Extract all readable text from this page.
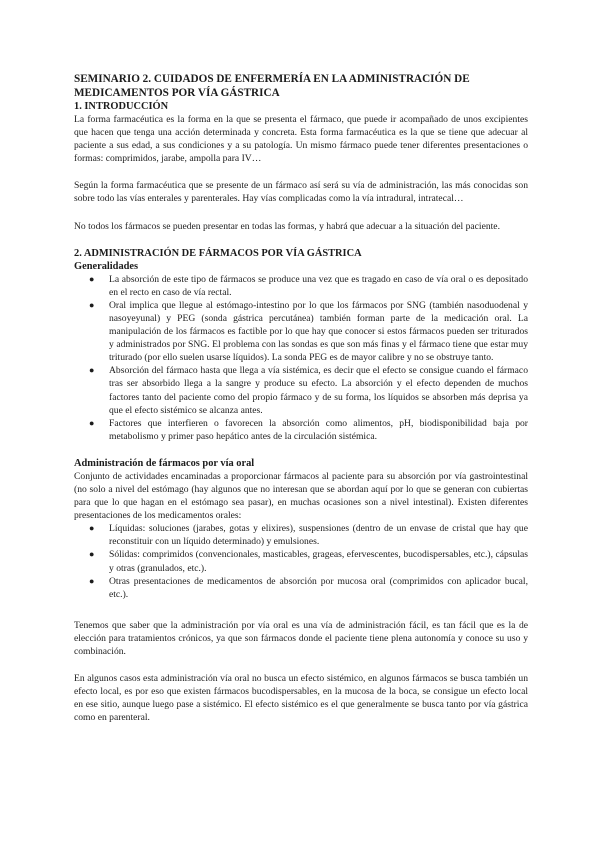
SEMINARIO 2. CUIDADOS DE ENFERMERÍA EN LA ADMINISTRACIÓN DE MEDICAMENTOS POR VÍA GÁSTRICA
1. INTRODUCCIÓN

La forma farmacéutica es la forma en la que se presenta el fármaco, que puede ir acompañado de unos excipientes que hacen que tenga una acción determinada y concreta. Esta forma farmacéutica es la que se tiene que adecuar al paciente a sus edad, a sus condiciones y a su patología. Un mismo fármaco puede tener diferentes presentaciones o formas: comprimidos, jarabe, ampolla para IV…

Según la forma farmacéutica que se presente de un fármaco así será su vía de administración, las más conocidas son sobre todo las vías enterales y parenterales. Hay vías complicadas como la vía intradural, intratecal…

No todos los fármacos se pueden presentar en todas las formas, y habrá que adecuar a la situación del paciente.

2. ADMINISTRACIÓN DE FÁRMACOS POR VÍA GÁSTRICA
Generalidades
● La absorción de este tipo de fármacos se produce una vez que es tragado en caso de vía oral o es depositado en el recto en caso de vía rectal.
● Oral implica que llegue al estómago-intestino por lo que los fármacos por SNG (también nasoduodenal y nasoyeyunal) y PEG (sonda gástrica percutánea) también forman parte de la medicación oral. La manipulación de los fármacos es factible por lo que hay que conocer si estos fármacos pueden ser triturados y administrados por SNG. El problema con las sondas es que son más finas y el fármaco tiene que estar muy triturado (por ello suelen usarse líquidos). La sonda PEG es de mayor calibre y no se obstruye tanto.
● Absorción del fármaco hasta que llega a vía sistémica, es decir que el efecto se consigue cuando el fármaco tras ser absorbido llega a la sangre y produce su efecto. La absorción y el efecto dependen de muchos factores tanto del paciente como del propio fármaco y de su forma, los líquidos se absorben más deprisa ya que el efecto sistémico se alcanza antes.
● Factores que interfieren o favorecen la absorción como alimentos, pH, biodisponibilidad baja por metabolismo y primer paso hepático antes de la circulación sistémica.
Administración de fármacos por vía oral

Conjunto de actividades encaminadas a proporcionar fármacos al paciente para su absorción por vía gastrointestinal (no solo a nivel del estómago (hay algunos que no interesan que se abordan aquí por lo que se generan con cubiertas para que lo que hagan en el estómago sea pasar), en muchas ocasiones son a nivel intestinal). Existen diferentes presentaciones de los medicamentos orales:

● Líquidas: soluciones (jarabes, gotas y elixires), suspensiones (dentro de un envase de cristal que hay que reconstituir con un líquido determinado) y emulsiones.
● Sólidas: comprimidos (convencionales, masticables, grageas, efervescentes, bucodispersables, etc.), cápsulas y otras (granulados, etc.).
● Otras presentaciones de medicamentos de absorción por mucosa oral (comprimidos con aplicador bucal, etc.).

Tenemos que saber que la administración por vía oral es una vía de administración fácil, es tan fácil que es la de elección para tratamientos crónicos, ya que son fármacos donde el paciente tiene plena autonomía y conoce su uso y combinación.

En algunos casos esta administración vía oral no busca un efecto sistémico, en algunos fármacos se busca también un efecto local, es por eso que existen fármacos bucodispersables, en la mucosa de la boca, se consigue un efecto local en ese sitio, aunque luego pase a sistémico. El efecto sistémico es el que generalmente se busca tanto por vía gástrica como en parenteral.
